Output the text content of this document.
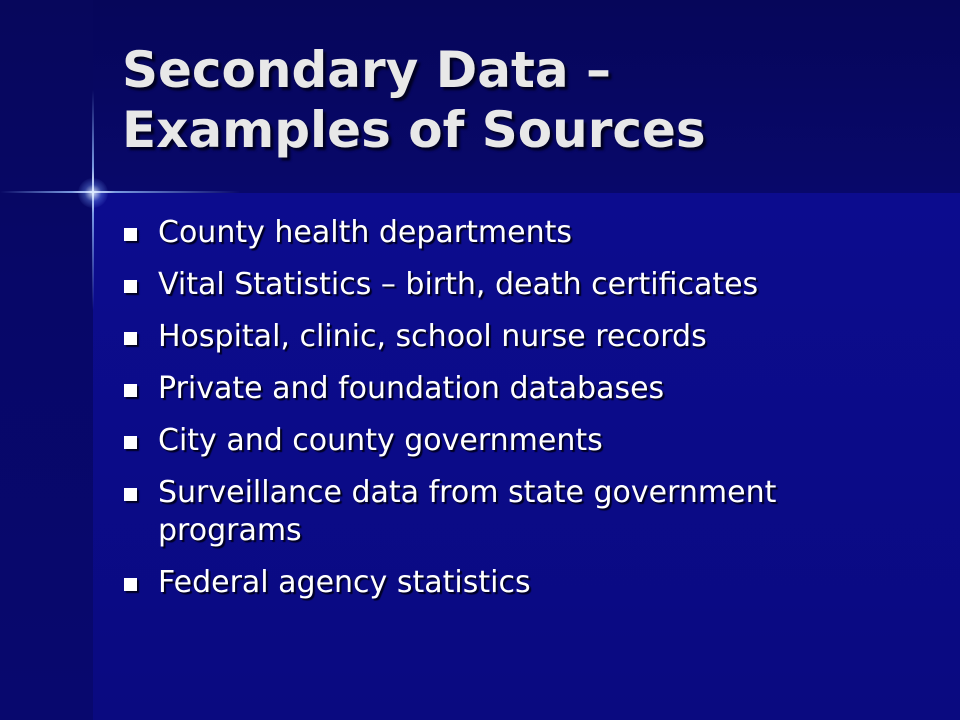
Secondary Data –
Examples of Sources
County health departments
Vital Statistics – birth, death certificates
Hospital, clinic, school nurse records
Private and foundation databases
City and county governments
Surveillance data from state government programs
Federal agency statistics
